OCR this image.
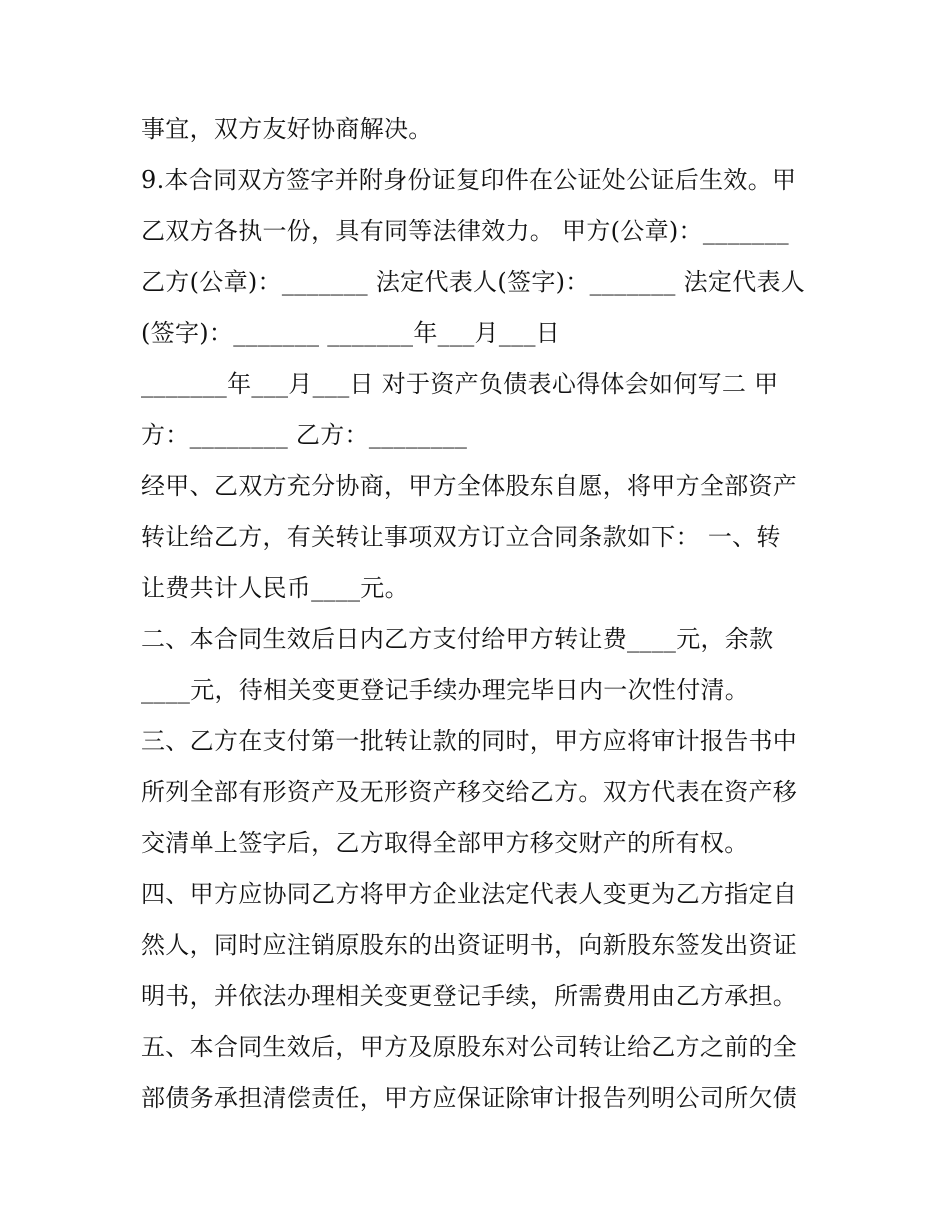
事宜，双方友好协商解决。
9.本合同双方签字并附身份证复印件在公证处公证后生效。甲
乙双方各执一份，具有同等法律效力。 甲方(公章)：_______
乙方(公章)：_______ 法定代表人(签字)：_______ 法定代表人
(签字)：_______ _______年___月___日
_______年___月___日 对于资产负债表心得体会如何写二 甲
方：________ 乙方：________
经甲、乙双方充分协商，甲方全体股东自愿，将甲方全部资产
转让给乙方，有关转让事项双方订立合同条款如下： 一、转
让费共计人民币____元。
二、本合同生效后日内乙方支付给甲方转让费____元，余款
____元，待相关变更登记手续办理完毕日内一次性付清。
三、乙方在支付第一批转让款的同时，甲方应将审计报告书中
所列全部有形资产及无形资产移交给乙方。双方代表在资产移
交清单上签字后，乙方取得全部甲方移交财产的所有权。
四、甲方应协同乙方将甲方企业法定代表人变更为乙方指定自
然人，同时应注销原股东的出资证明书，向新股东签发出资证
明书，并依法办理相关变更登记手续，所需费用由乙方承担。
五、本合同生效后，甲方及原股东对公司转让给乙方之前的全
部债务承担清偿责任，甲方应保证除审计报告列明公司所欠债
